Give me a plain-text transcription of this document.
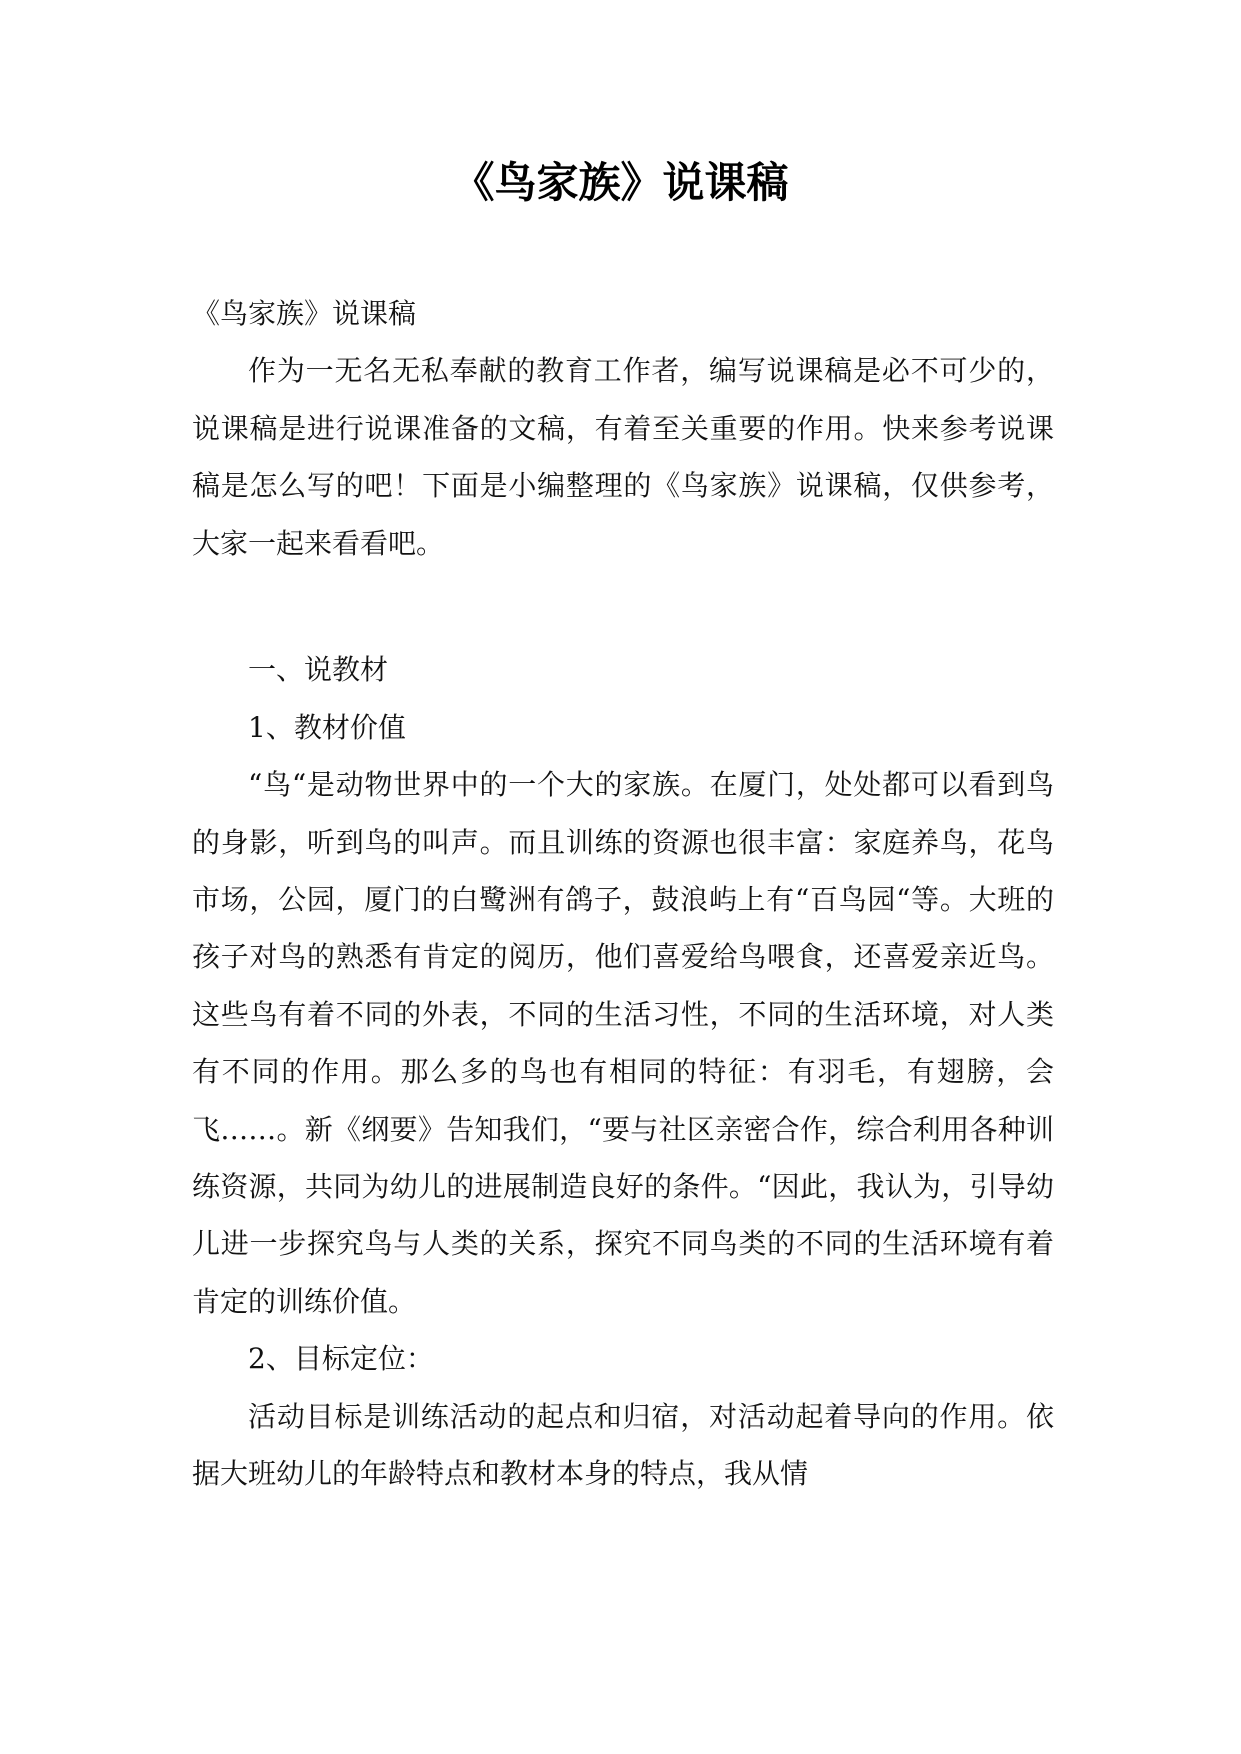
《鸟家族》说课稿

《鸟家族》说课稿

作为一无名无私奉献的教育工作者，编写说课稿是必不可少的，说课稿是进行说课准备的文稿，有着至关重要的作用。快来参考说课稿是怎么写的吧！下面是小编整理的《鸟家族》说课稿，仅供参考，大家一起来看看吧。

一、说教材

1、教材价值

“鸟“是动物世界中的一个大的家族。在厦门，处处都可以看到鸟的身影，听到鸟的叫声。而且训练的资源也很丰富：家庭养鸟，花鸟市场，公园，厦门的白鹭洲有鸽子，鼓浪屿上有“百鸟园“等。大班的孩子对鸟的熟悉有肯定的阅历，他们喜爱给鸟喂食，还喜爱亲近鸟。这些鸟有着不同的外表，不同的生活习性，不同的生活环境，对人类有不同的作用。那么多的鸟也有相同的特征：有羽毛，有翅膀，会飞……。新《纲要》告知我们，“要与社区亲密合作，综合利用各种训练资源，共同为幼儿的进展制造良好的条件。“因此，我认为，引导幼儿进一步探究鸟与人类的关系，探究不同鸟类的不同的生活环境有着肯定的训练价值。

2、目标定位：

活动目标是训练活动的起点和归宿，对活动起着导向的作用。依据大班幼儿的年龄特点和教材本身的特点，我从情
